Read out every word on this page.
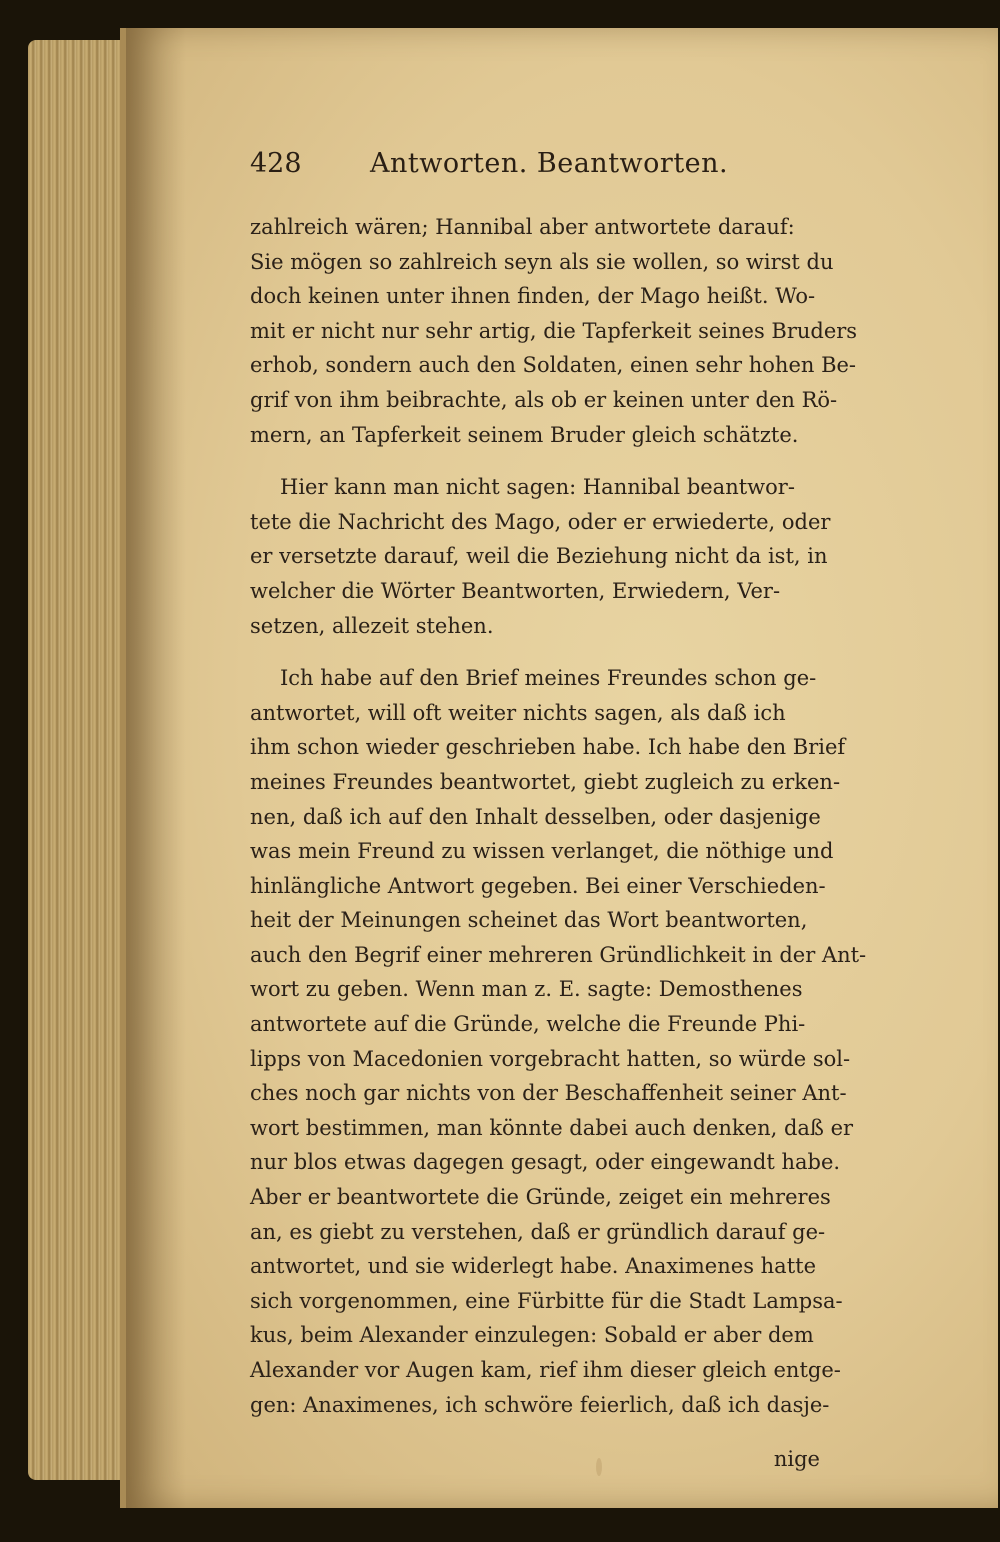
428	Antworten. Beantworten.
zahlreich wären; Hannibal aber antwortete darauf:
Sie mögen so zahlreich seyn als sie wollen, so wirst du
doch keinen unter ihnen finden, der Mago heißt. Wo-
mit er nicht nur sehr artig, die Tapferkeit seines Bruders
erhob, sondern auch den Soldaten, einen sehr hohen Be-
grif von ihm beibrachte, als ob er keinen unter den Rö-
mern, an Tapferkeit seinem Bruder gleich schätzte.
Hier kann man nicht sagen: Hannibal beantwor-
tete die Nachricht des Mago, oder er erwiederte, oder
er versetzte darauf, weil die Beziehung nicht da ist, in
welcher die Wörter Beantworten, Erwiedern, Ver-
setzen, allezeit stehen.
Ich habe auf den Brief meines Freundes schon ge-
antwortet, will oft weiter nichts sagen, als daß ich
ihm schon wieder geschrieben habe. Ich habe den Brief
meines Freundes beantwortet, giebt zugleich zu erken-
nen, daß ich auf den Inhalt desselben, oder dasjenige
was mein Freund zu wissen verlanget, die nöthige und
hinlängliche Antwort gegeben. Bei einer Verschieden-
heit der Meinungen scheinet das Wort beantworten,
auch den Begrif einer mehreren Gründlichkeit in der Ant-
wort zu geben. Wenn man z. E. sagte: Demosthenes
antwortete auf die Gründe, welche die Freunde Phi-
lipps von Macedonien vorgebracht hatten, so würde sol-
ches noch gar nichts von der Beschaffenheit seiner Ant-
wort bestimmen, man könnte dabei auch denken, daß er
nur blos etwas dagegen gesagt, oder eingewandt habe.
Aber er beantwortete die Gründe, zeiget ein mehreres
an, es giebt zu verstehen, daß er gründlich darauf ge-
antwortet, und sie widerlegt habe. Anaximenes hatte
sich vorgenommen, eine Fürbitte für die Stadt Lampsa-
kus, beim Alexander einzulegen: Sobald er aber dem
Alexander vor Augen kam, rief ihm dieser gleich entge-
gen: Anaximenes, ich schwöre feierlich, daß ich dasje-
nige
